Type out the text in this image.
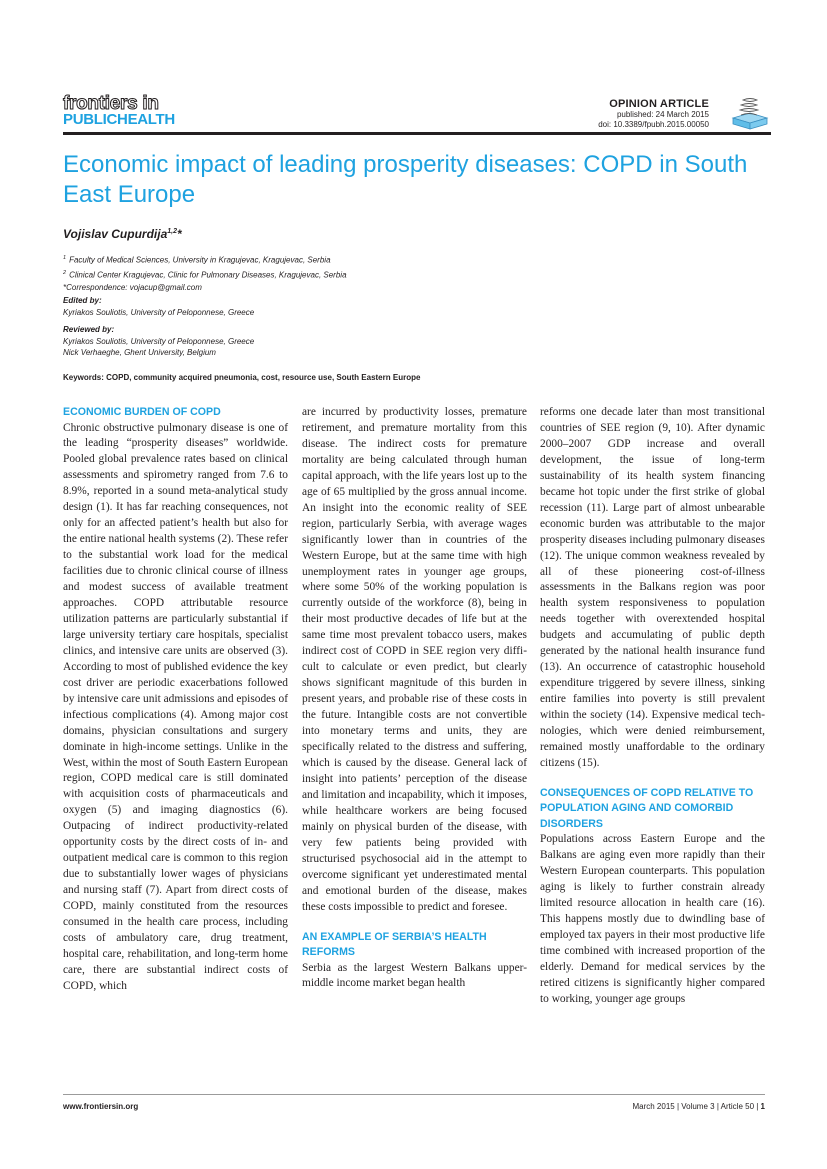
frontiers in
PUBLICHEALTH
OPINION ARTICLE
published: 24 March 2015
doi: 10.3389/fpubh.2015.00050
Economic impact of leading prosperity diseases: COPD in South East Europe
Vojislav Cupurdija$^{1,2}$*
$^1$ Faculty of Medical Sciences, University in Kragujevac, Kragujevac, Serbia
$^2$ Clinical Center Kragujevac, Clinic for Pulmonary Diseases, Kragujevac, Serbia
*Correspondence: vojacup@gmail.com
Edited by:
Kyriakos Souliotis, University of Peloponnese, Greece
Reviewed by:
Kyriakos Souliotis, University of Peloponnese, Greece
Nick Verhaeghe, Ghent University, Belgium
Keywords: COPD, community acquired pneumonia, cost, resource use, South Eastern Europe
ECONOMIC BURDEN OF COPD

Chronic obstructive pulmonary disease is one of the leading “prosperity diseases” worldwide. Pooled global prevalence rates based on clinical assessments and spirometry ranged from 7.6 to 8.9%, reported in a sound meta-analytical study design (1). It has far reaching consequences, not only for an affected patient’s health but also for the entire national health systems (2). These refer to the substantial work load for the medical facilities due to chronic clinical course of illness and modest success of available treatment approaches. COPD attributable resource utilization patterns are particularly substantial if large university tertiary care hospitals, specialist clinics, and intensive care units are observed (3). According to most of published evidence the key cost driver are periodic exacerbations followed by intensive care unit admissions and episodes of infectious complications (4). Among major cost domains, physician consultations and surgery dominate in high-income settings. Unlike in the West, within the most of South Eastern European region, COPD medical care is still dominated with acquisition costs of pharmaceuticals and oxygen (5) and imaging diagnostics (6). Outpacing of indirect productivity-related opportunity costs by the direct costs of in- and outpatient medical care is common to this region due to substantially lower wages of physicians and nursing staff (7). Apart from direct costs of COPD, mainly constituted from the resources consumed in the health care process, including costs of ambulatory care, drug treatment, hospital care, rehabilitation, and long-term home care, there are substantial indirect costs of COPD, which

are incurred by productivity losses, premature retirement, and premature mortality from this disease. The indirect costs for premature mortality are being calculated through human capital approach, with the life years lost up to the age of 65 multiplied by the gross annual income. An insight into the economic reality of SEE region, particularly Serbia, with average wages significantly lower than in countries of the Western Europe, but at the same time with high unemployment rates in younger age groups, where some 50% of the working population is currently outside of the workforce (8), being in their most productive decades of life but at the same time most prevalent tobacco users, makes indirect cost of COPD in SEE region very difficult to calculate or even predict, but clearly shows significant magnitude of this burden in present years, and probable rise of these costs in the future. Intangible costs are not convertible into monetary terms and units, they are specifically related to the distress and suffering, which is caused by the disease. General lack of insight into patients’ perception of the disease and limitation and incapability, which it imposes, while healthcare workers are being focused mainly on physical burden of the disease, with very few patients being provided with structurised psychosocial aid in the attempt to overcome significant yet underestimated mental and emotional burden of the disease, makes these costs impossible to predict and foresee.

AN EXAMPLE OF SERBIA’S HEALTH REFORMS

Serbia as the largest Western Balkans upper-middle income market began health

reforms one decade later than most transitional countries of SEE region (9, 10). After dynamic 2000–2007 GDP increase and overall development, the issue of long-term sustainability of its health system financing became hot topic under the first strike of global recession (11). Large part of almost unbearable economic burden was attributable to the major prosperity diseases including pulmonary diseases (12). The unique common weakness revealed by all of these pioneering cost-of-illness assessments in the Balkans region was poor health system responsiveness to population needs together with overextended hospital budgets and accumulating of public depth generated by the national health insurance fund (13). An occurrence of catastrophic household expenditure triggered by severe illness, sinking entire families into poverty is still prevalent within the society (14). Expensive medical technologies, which were denied reimbursement, remained mostly unaffordable to the ordinary citizens (15).

CONSEQUENCES OF COPD RELATIVE TO POPULATION AGING AND COMORBID DISORDERS

Populations across Eastern Europe and the Balkans are aging even more rapidly than their Western European counterparts. This population aging is likely to further constrain already limited resource allocation in health care (16). This happens mostly due to dwindling base of employed tax payers in their most productive life time combined with increased proportion of the elderly. Demand for medical services by the retired citizens is significantly higher compared to working, younger age groups

www.frontiersin.org	March 2015 | Volume 3 | Article 50 | 1
